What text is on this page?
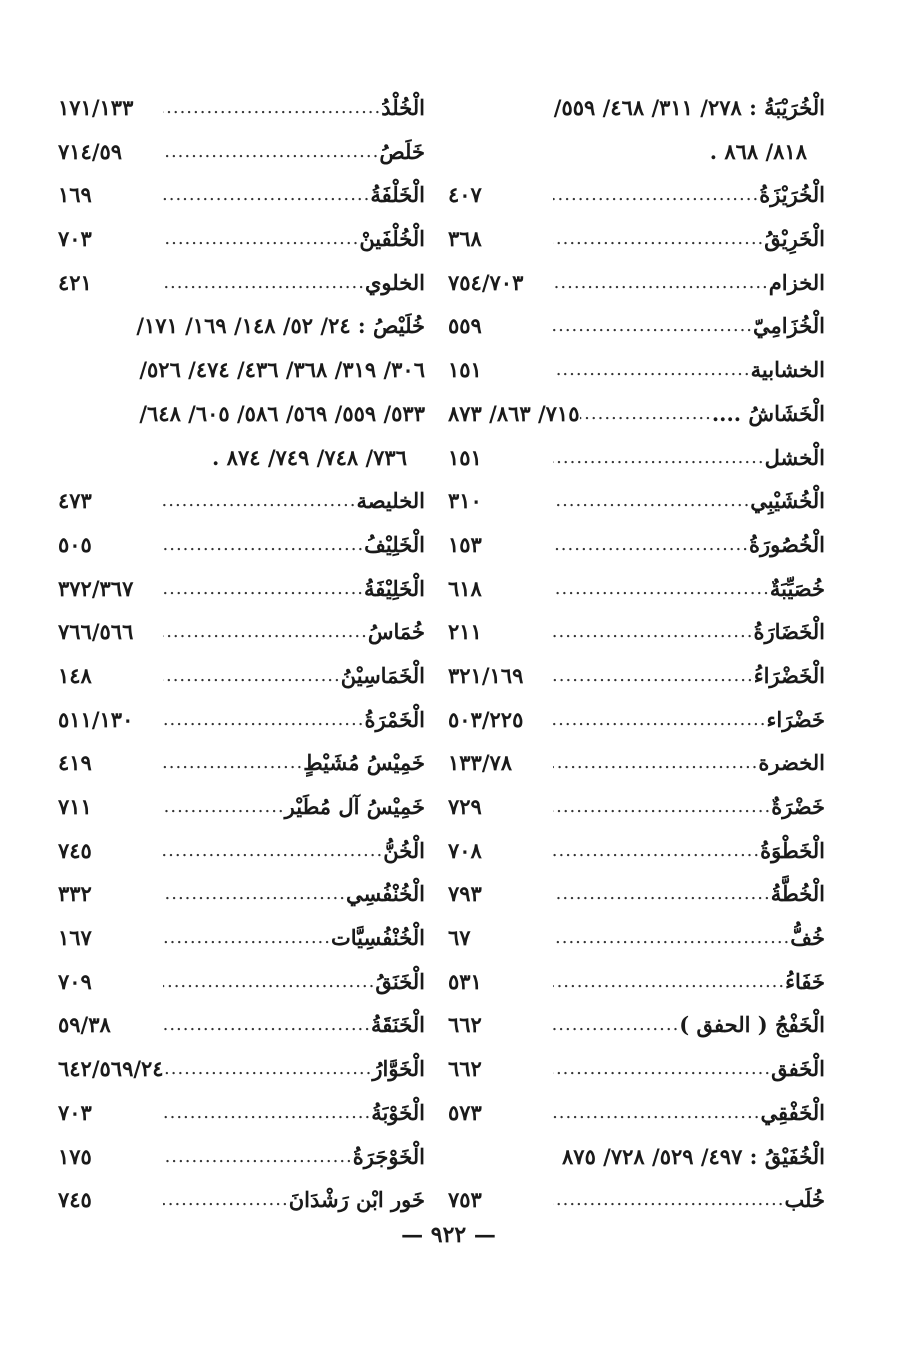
الْخُرَيْبَةُ : ٢٧٨/ ٣١١/ ٤٦٨/ ٥٥٩/
٨١٨/ ٨٦٨ .
الْخُرَيْزَةُ
.....
٤٠٧
الْخَرِيْقُ
.....
٣٦٨
الخزام
.....
٧٥٤/٧٠٣
الْخُزَامِيّ
.....
٥٥٩
الخشابية
.....
١٥١
الْخَشَاشُ ....
.....
٧١٥/ ٨٦٣/ ٨٧٣
الْخشل
.....
١٥١
الْخُشَيْبِي
.....
٣١٠
الْخُصُورَةُ
.....
١٥٣
خُصَيِّبَةٌ
.....
٦١٨
الْخَضَارَةُ
.....
٢١١
الْخَضْرَاءُ
.....
٣٢١/١٦٩
خَضْرَاء
.....
٥٠٣/٢٢٥
الخضرة
.....
١٣٣/٧٨
خَضْرَةٌ
.....
٧٢٩
الْخَطْوَةُ
.....
٧٠٨
الْخُطَّةُ
.....
٧٩٣
خُفُّ
.....
٦٧
خَفَاءُ
.....
٥٣١
الْخَفْجُ ( الحفق )
.....
٦٦٢
الْخَفق
.....
٦٦٢
الْخَفْقِي
.....
٥٧٣
الْخُفَيْقُ : ٤٩٧/ ٥٢٩/ ٧٢٨/ ٨٧٥
خُلَب
.....
٧٥٣
الْخُلْدُ
.....
١٧١/١٣٣
خَلَصُ
.....
٧١٤/٥٩
الْخَلْفَةُ
.....
١٦٩
الْخُلْفَينْ
.....
٧٠٣
الخلوي
.....
٤٢١
خُلَيْصُ : ٢٤/ ٥٢/ ١٤٨/ ١٦٩/ ١٧١/
٣٠٦/ ٣١٩/ ٣٦٨/ ٤٣٦/ ٤٧٤/ ٥٢٦/
٥٣٣/ ٥٥٩/ ٥٦٩/ ٥٨٦/ ٦٠٥/ ٦٤٨/
٧٣٦/ ٧٤٨/ ٧٤٩/ ٨٧٤ .
الخليصة
.....
٤٧٣
الْخَلِيْفُ
.....
٥٠٥
الْخَلِيْفَةُ
.....
٣٧٢/٣٦٧
خُمَاسُ
.....
٧٦٦/٥٦٦
الْخَمَاسِيْنُ
.....
١٤٨
الْخَمْرَةُ
.....
٥١١/١٣٠
خَمِيْسُ مُشَيْطٍ
.....
٤١٩
خَمِيْسُ آل مُطَيْر
.....
٧١١
الْخُنُّ
.....
٧٤٥
الْخُنْفُسِي
.....
٣٣٢
الْخُنْفُسِيَّات
.....
١٦٧
الْخَنَقُ
.....
٧٠٩
الْخَنَقَةُ
.....
٥٩/٣٨
الْخَوَّارُ
.....
٦٤٢/٥٦٩/٢٤
الْخَوْبَةُ
.....
٧٠٣
الْخَوْجَرَةُ
.....
١٧٥
خَور ابْن رَشْدَانَ
.....
٧٤٥
— ٩٢٢ —
